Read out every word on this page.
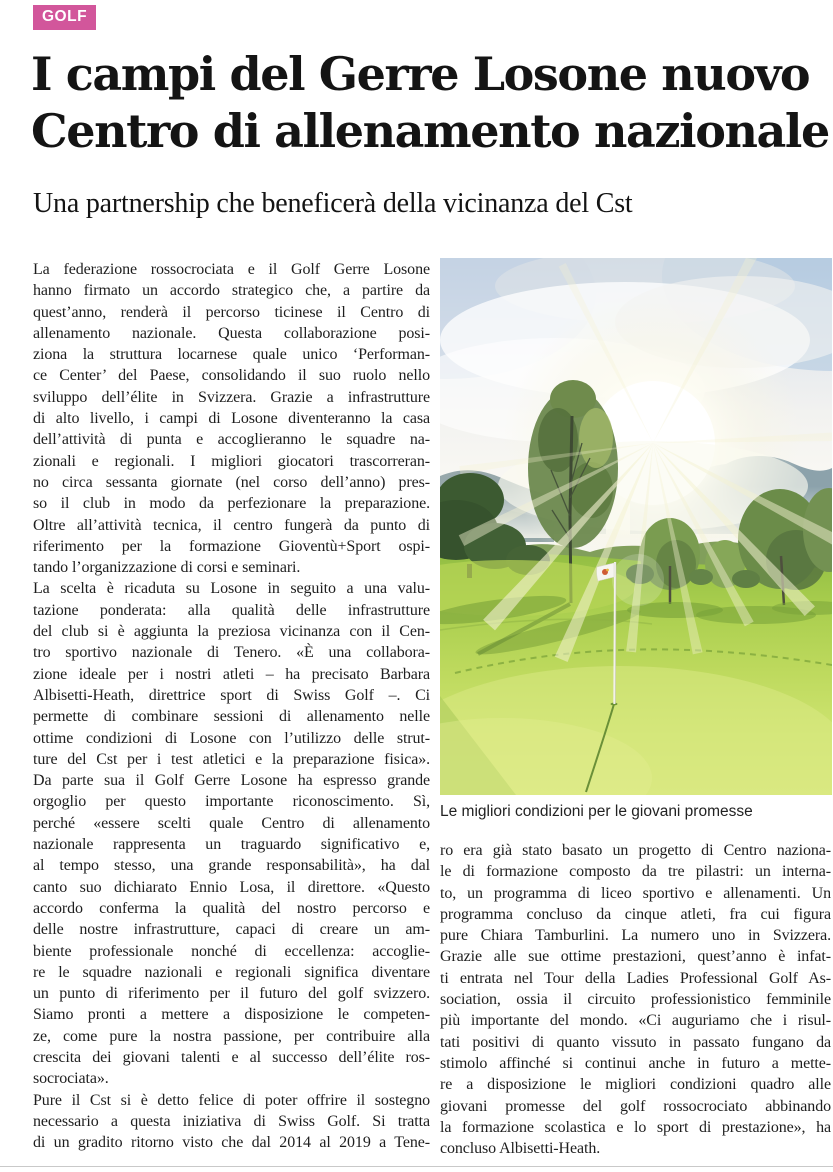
GOLF
I campi del Gerre Losone nuovo
Centro di allenamento nazionale
Una partnership che beneficerà della vicinanza del Cst
La federazione rossocrociata e il Golf Gerre Losone
hanno firmato un accordo strategico che, a partire da
quest’anno, renderà il percorso ticinese il Centro di
allenamento nazionale. Questa collaborazione posi-
ziona la struttura locarnese quale unico ‘Performan-
ce Center’ del Paese, consolidando il suo ruolo nello
sviluppo dell’élite in Svizzera. Grazie a infrastrutture
di alto livello, i campi di Losone diventeranno la casa
dell’attività di punta e accoglieranno le squadre na-
zionali e regionali. I migliori giocatori trascorreran-
no circa sessanta giornate (nel corso dell’anno) pres-
so il club in modo da perfezionare la preparazione.
Oltre all’attività tecnica, il centro fungerà da punto di
riferimento per la formazione Gioventù+Sport ospi-
tando l’organizzazione di corsi e seminari.
La scelta è ricaduta su Losone in seguito a una valu-
tazione ponderata: alla qualità delle infrastrutture
del club si è aggiunta la preziosa vicinanza con il Cen-
tro sportivo nazionale di Tenero. «È una collabora-
zione ideale per i nostri atleti – ha precisato Barbara
Albisetti-Heath, direttrice sport di Swiss Golf –. Ci
permette di combinare sessioni di allenamento nelle
ottime condizioni di Losone con l’utilizzo delle strut-
ture del Cst per i test atletici e la preparazione fisica».
Da parte sua il Golf Gerre Losone ha espresso grande
orgoglio per questo importante riconoscimento. Sì,
perché «essere scelti quale Centro di allenamento
nazionale rappresenta un traguardo significativo e,
al tempo stesso, una grande responsabilità», ha dal
canto suo dichiarato Ennio Losa, il direttore. «Questo
accordo conferma la qualità del nostro percorso e
delle nostre infrastrutture, capaci di creare un am-
biente professionale nonché di eccellenza: accoglie-
re le squadre nazionali e regionali significa diventare
un punto di riferimento per il futuro del golf svizzero.
Siamo pronti a mettere a disposizione le competen-
ze, come pure la nostra passione, per contribuire alla
crescita dei giovani talenti e al successo dell’élite ros-
socrociata».
Pure il Cst si è detto felice di poter offrire il sostegno
necessario a questa iniziativa di Swiss Golf. Si tratta
di un gradito ritorno visto che dal 2014 al 2019 a Tene-
Le migliori condizioni per le giovani promesse
ro era già stato basato un progetto di Centro naziona-
le di formazione composto da tre pilastri: un interna-
to, un programma di liceo sportivo e allenamenti. Un
programma concluso da cinque atleti, fra cui figura
pure Chiara Tamburlini. La numero uno in Svizzera.
Grazie alle sue ottime prestazioni, quest’anno è infat-
ti entrata nel Tour della Ladies Professional Golf As-
sociation, ossia il circuito professionistico femminile
più importante del mondo. «Ci auguriamo che i risul-
tati positivi di quanto vissuto in passato fungano da
stimolo affinché si continui anche in futuro a mette-
re a disposizione le migliori condizioni quadro alle
giovani promesse del golf rossocrociato abbinando
la formazione scolastica e lo sport di prestazione», ha
concluso Albisetti-Heath.
